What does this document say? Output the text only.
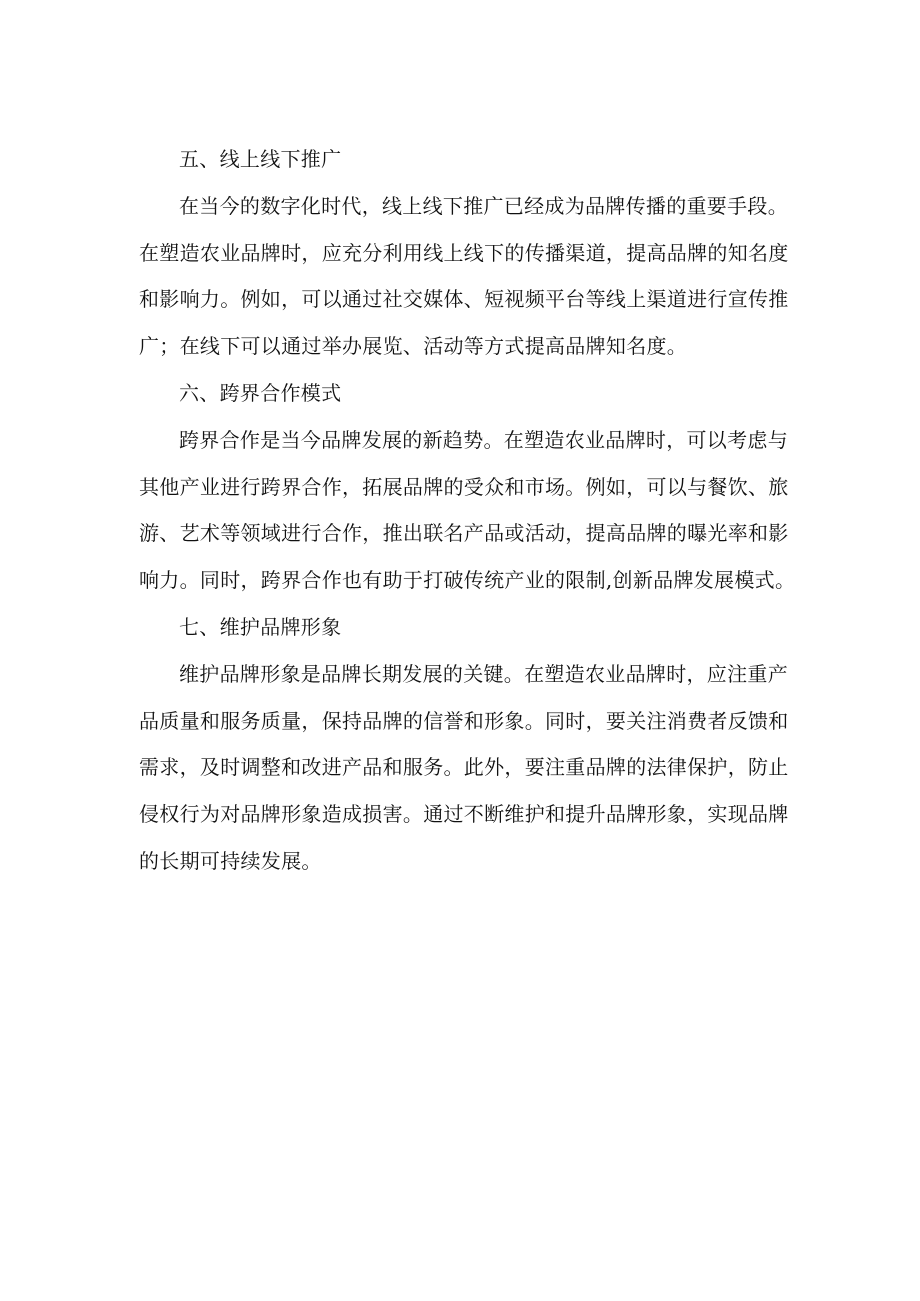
五、线上线下推广

在当今的数字化时代，线上线下推广已经成为品牌传播的重要手段。
在塑造农业品牌时，应充分利用线上线下的传播渠道，提高品牌的知名度
和影响力。例如，可以通过社交媒体、短视频平台等线上渠道进行宣传推
广；在线下可以通过举办展览、活动等方式提高品牌知名度。

六、跨界合作模式

跨界合作是当今品牌发展的新趋势。在塑造农业品牌时，可以考虑与
其他产业进行跨界合作，拓展品牌的受众和市场。例如，可以与餐饮、旅
游、艺术等领域进行合作，推出联名产品或活动，提高品牌的曝光率和影
响力。同时，跨界合作也有助于打破传统产业的限制,创新品牌发展模式。

七、维护品牌形象

维护品牌形象是品牌长期发展的关键。在塑造农业品牌时，应注重产
品质量和服务质量，保持品牌的信誉和形象。同时，要关注消费者反馈和
需求，及时调整和改进产品和服务。此外，要注重品牌的法律保护，防止
侵权行为对品牌形象造成损害。通过不断维护和提升品牌形象，实现品牌
的长期可持续发展。
